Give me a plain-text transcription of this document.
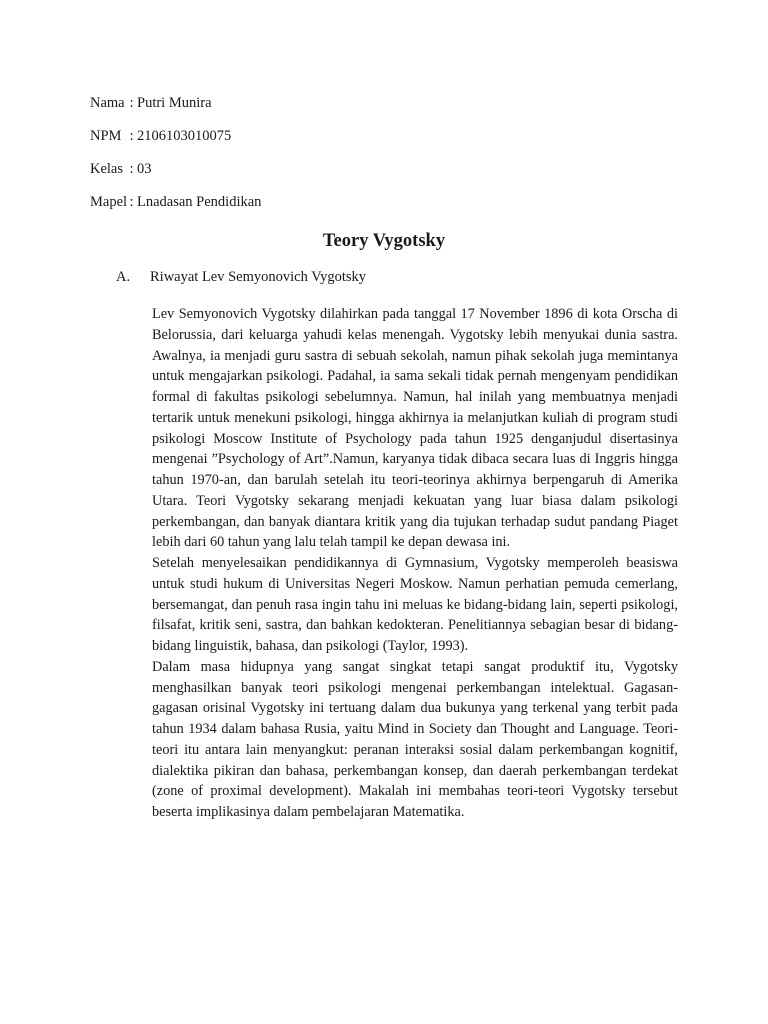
Nama : Putri Munira
NPM : 2106103010075
Kelas : 03
Mapel : Lnadasan Pendidikan
Teory Vygotsky
A. Riwayat Lev Semyonovich Vygotsky

Lev Semyonovich Vygotsky dilahirkan pada tanggal 17 November 1896 di kota Orscha di Belorussia, dari keluarga yahudi kelas menengah. Vygotsky lebih menyukai dunia sastra. Awalnya, ia menjadi guru sastra di sebuah sekolah, namun pihak sekolah juga memintanya untuk mengajarkan psikologi. Padahal, ia sama sekali tidak pernah mengenyam pendidikan formal di fakultas psikologi sebelumnya. Namun, hal inilah yang membuatnya menjadi tertarik untuk menekuni psikologi, hingga akhirnya ia melanjutkan kuliah di program studi psikologi Moscow Institute of Psychology pada tahun 1925 denganjudul disertasinya mengenai ”Psychology of Art”.Namun, karyanya tidak dibaca secara luas di Inggris hingga tahun 1970-an, dan barulah setelah itu teori-teorinya akhirnya berpengaruh di Amerika Utara. Teori Vygotsky sekarang menjadi kekuatan yang luar biasa dalam psikologi perkembangan, dan banyak diantara kritik yang dia tujukan terhadap sudut pandang Piaget lebih dari 60 tahun yang lalu telah tampil ke depan dewasa ini.

Setelah menyelesaikan pendidikannya di Gymnasium, Vygotsky memperoleh beasiswa untuk studi hukum di Universitas Negeri Moskow. Namun perhatian pemuda cemerlang, bersemangat, dan penuh rasa ingin tahu ini meluas ke bidang-bidang lain, seperti psikologi, filsafat, kritik seni, sastra, dan bahkan kedokteran. Penelitiannya sebagian besar di bidang-bidang linguistik, bahasa, dan psikologi (Taylor, 1993).

Dalam masa hidupnya yang sangat singkat tetapi sangat produktif itu, Vygotsky menghasilkan banyak teori psikologi mengenai perkembangan intelektual. Gagasan-gagasan orisinal Vygotsky ini tertuang dalam dua bukunya yang terkenal yang terbit pada tahun 1934 dalam bahasa Rusia, yaitu Mind in Society dan Thought and Language. Teori-teori itu antara lain menyangkut: peranan interaksi sosial dalam perkembangan kognitif, dialektika pikiran dan bahasa, perkembangan konsep, dan daerah perkembangan terdekat (zone of proximal development). Makalah ini membahas teori-teori Vygotsky tersebut beserta implikasinya dalam pembelajaran Matematika.
